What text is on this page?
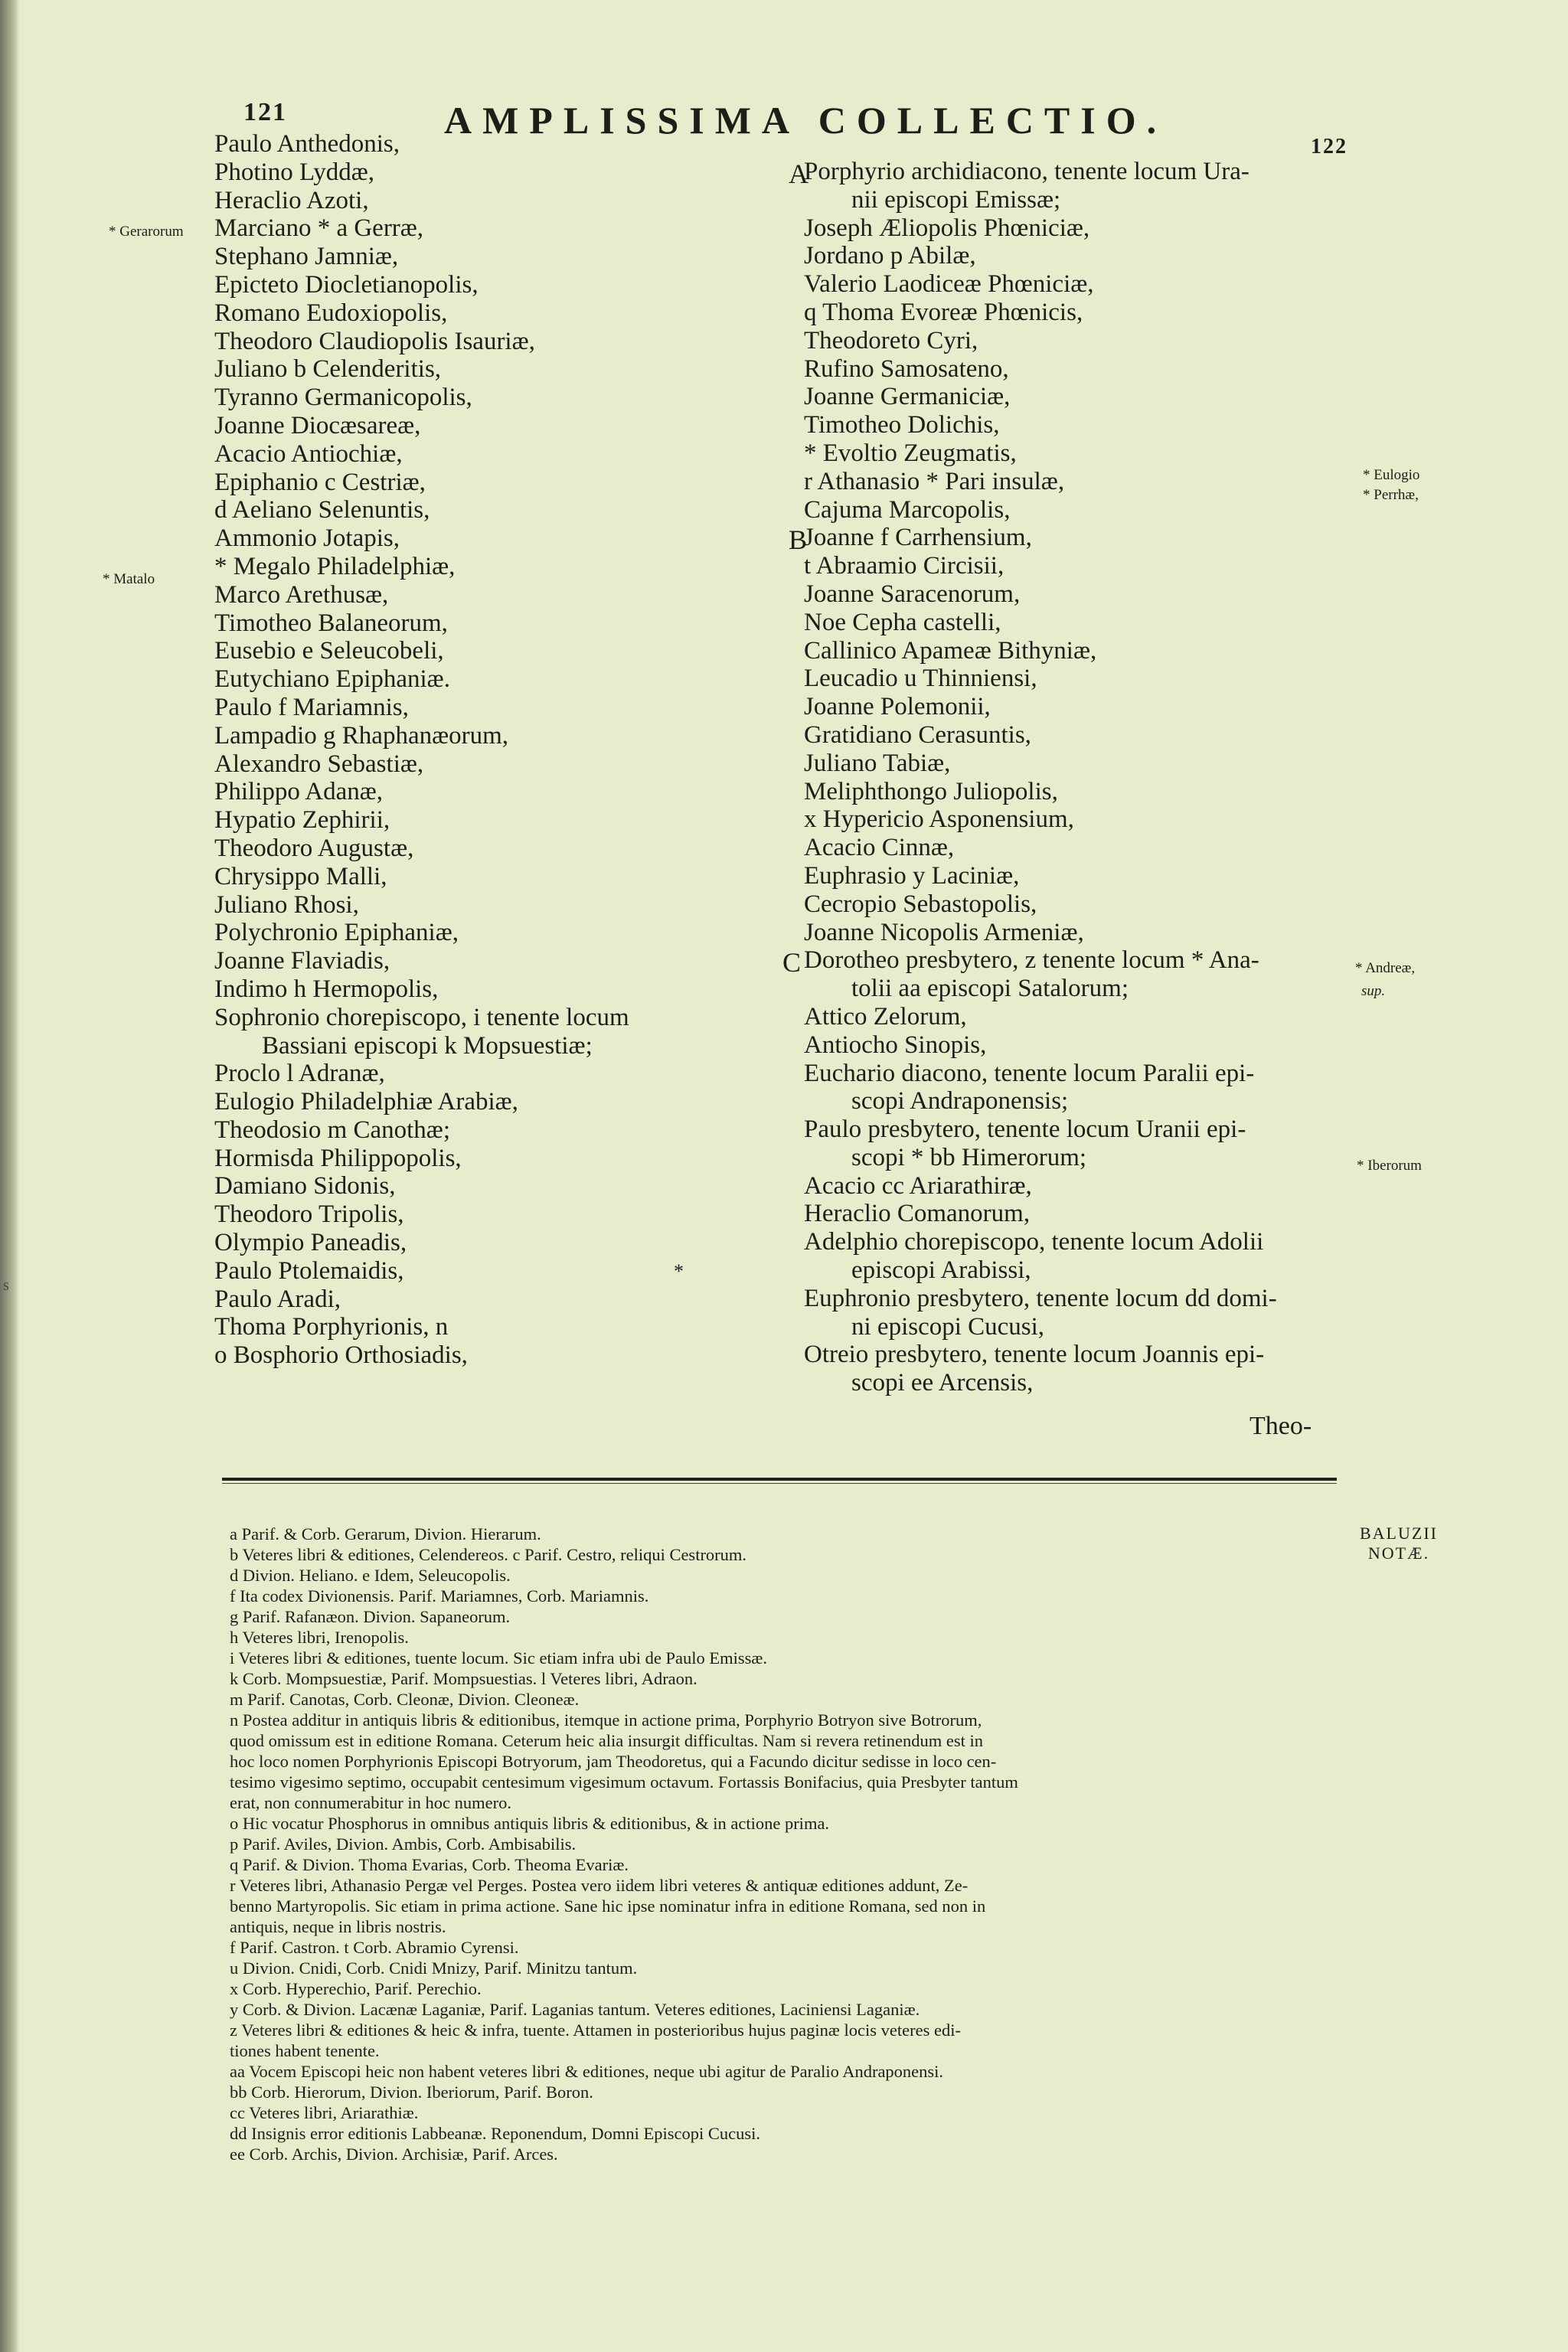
s
121	AMPLISSIMA COLLECTIO.
122
Paulo Anthedonis,
Photino Lyddæ,
Heraclio Azoti,
Marciano * a Gerræ,
Stephano Jamniæ,
Epicteto Diocletianopolis,
Romano Eudoxiopolis,
Theodoro Claudiopolis Isauriæ,
Juliano b Celenderitis,
Tyranno Germanicopolis,
Joanne Diocæsareæ,
Acacio Antiochiæ,
Epiphanio c Cestriæ,
d Aeliano Selenuntis,
Ammonio Jotapis,
* Megalo Philadelphiæ,
Marco Arethusæ,
Timotheo Balaneorum,
Eusebio e Seleucobeli,
Eutychiano Epiphaniæ.
Paulo f Mariamnis,
Lampadio g Rhaphanæorum,
Alexandro Sebastiæ,
Philippo Adanæ,
Hypatio Zephirii,
Theodoro Augustæ,
Chrysippo Malli,
Juliano Rhosi,
Polychronio Epiphaniæ,
Joanne Flaviadis,
Indimo h Hermopolis,
Sophronio chorepiscopo, i tenente locum
Bassiani episcopi k Mopsuestiæ;
Proclo l Adranæ,
Eulogio Philadelphiæ Arabiæ,
Theodosio m Canothæ;
Hormisda Philippopolis,
Damiano Sidonis,
Theodoro Tripolis,
Olympio Paneadis,
Paulo Ptolemaidis,
Paulo Aradi,
Thoma Porphyrionis, n
o Bosphorio Orthosiadis,
A
B
C
Porphyrio archidiacono, tenente locum Ura-
nii episcopi Emissæ;
Joseph Æliopolis Phœniciæ,
Jordano p Abilæ,
Valerio Laodiceæ Phœniciæ,
q Thoma Evoreæ Phœnicis,
Theodoreto Cyri,
Rufino Samosateno,
Joanne Germaniciæ,
Timotheo Dolichis,
* Evoltio Zeugmatis,
r Athanasio * Pari insulæ,
Cajuma Marcopolis,
Joanne f Carrhensium,
t Abraamio Circisii,
Joanne Saracenorum,
Noe Cepha castelli,
Callinico Apameæ Bithyniæ,
Leucadio u Thinniensi,
Joanne Polemonii,
Gratidiano Cerasuntis,
Juliano Tabiæ,
Meliphthongo Juliopolis,
x Hypericio Asponensium,
Acacio Cinnæ,
Euphrasio y Laciniæ,
Cecropio Sebastopolis,
Joanne Nicopolis Armeniæ,
Dorotheo presbytero, z tenente locum * Ana-
tolii aa episcopi Satalorum;
Attico Zelorum,
Antiocho Sinopis,
Euchario diacono, tenente locum Paralii epi-
scopi Andraponensis;
Paulo presbytero, tenente locum Uranii epi-
scopi * bb Himerorum;
Acacio cc Ariarathiræ,
Heraclio Comanorum,
Adelphio chorepiscopo, tenente locum Adolii
episcopi Arabissi,
Euphronio presbytero, tenente locum dd domi-
ni episcopi Cucusi,
Otreio presbytero, tenente locum Joannis epi-
scopi ee Arcensis,
* Gerarorum
* Matalo
* Eulogio
* Perrhæ,
* Andreæ,
sup.
* Iberorum
*
Theo-
BALUZII
NOTÆ.
a Parif. & Corb. Gerarum, Divion. Hierarum.
b Veteres libri & editiones, Celendereos. c Parif. Cestro, reliqui Cestrorum.
d Divion. Heliano. e Idem, Seleucopolis.
f Ita codex Divionensis. Parif. Mariamnes, Corb. Mariamnis.
g Parif. Rafanæon. Divion. Sapaneorum.
h Veteres libri, Irenopolis.
i Veteres libri & editiones, tuente locum. Sic etiam infra ubi de Paulo Emissæ.
k Corb. Mompsuestiæ, Parif. Mompsuestias. l Veteres libri, Adraon.
m Parif. Canotas, Corb. Cleonæ, Divion. Cleoneæ.
n Postea additur in antiquis libris & editionibus, itemque in actione prima, Porphyrio Botryon sive Botrorum,
quod omissum est in editione Romana. Ceterum heic alia insurgit difficultas. Nam si revera retinendum est in
hoc loco nomen Porphyrionis Episcopi Botryorum, jam Theodoretus, qui a Facundo dicitur sedisse in loco cen-
tesimo vigesimo septimo, occupabit centesimum vigesimum octavum. Fortassis Bonifacius, quia Presbyter tantum
erat, non connumerabitur in hoc numero.
o Hic vocatur Phosphorus in omnibus antiquis libris & editionibus, & in actione prima.
p Parif. Aviles, Divion. Ambis, Corb. Ambisabilis.
q Parif. & Divion. Thoma Evarias, Corb. Theoma Evariæ.
r Veteres libri, Athanasio Pergæ vel Perges. Postea vero iidem libri veteres & antiquæ editiones addunt, Ze-
benno Martyropolis. Sic etiam in prima actione. Sane hic ipse nominatur infra in editione Romana, sed non in
antiquis, neque in libris nostris.
f Parif. Castron. t Corb. Abramio Cyrensi.
u Divion. Cnidi, Corb. Cnidi Mnizy, Parif. Minitzu tantum.
x Corb. Hyperechio, Parif. Perechio.
y Corb. & Divion. Lacænæ Laganiæ, Parif. Laganias tantum. Veteres editiones, Laciniensi Laganiæ.
z Veteres libri & editiones & heic & infra, tuente. Attamen in posterioribus hujus paginæ locis veteres edi-
tiones habent tenente.
aa Vocem Episcopi heic non habent veteres libri & editiones, neque ubi agitur de Paralio Andraponensi.
bb Corb. Hierorum, Divion. Iberiorum, Parif. Boron.
cc Veteres libri, Ariarathiæ.
dd Insignis error editionis Labbeanæ. Reponendum, Domni Episcopi Cucusi.
ee Corb. Archis, Divion. Archisiæ, Parif. Arces.
